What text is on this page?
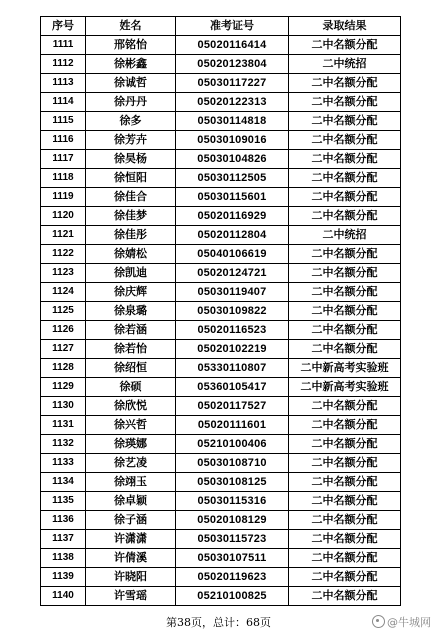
序号	姓名	准考证号	录取结果
1111	邢铭怡	05020116414	二中名额分配
1112	徐彬鑫	05020123804	二中统招
1113	徐诚哲	05030117227	二中名额分配
1114	徐丹丹	05020122313	二中名额分配
1115	徐多	05030114818	二中名额分配
1116	徐芳卉	05030109016	二中名额分配
1117	徐昊杨	05030104826	二中名额分配
1118	徐恒阳	05030112505	二中名额分配
1119	徐佳合	05030115601	二中名额分配
1120	徐佳梦	05020116929	二中名额分配
1121	徐佳彤	05020112804	二中统招
1122	徐婧松	05040106619	二中名额分配
1123	徐凯迪	05020124721	二中名额分配
1124	徐庆辉	05030119407	二中名额分配
1125	徐泉璐	05030109822	二中名额分配
1126	徐若涵	05020116523	二中名额分配
1127	徐若怡	05020102219	二中名额分配
1128	徐绍恒	05330110807	二中新高考实验班
1129	徐硕	05360105417	二中新高考实验班
1130	徐欣悦	05020117527	二中名额分配
1131	徐兴哲	05020111601	二中名额分配
1132	徐瑛娜	05210100406	二中名额分配
1133	徐艺凌	05030108710	二中名额分配
1134	徐翊玉	05030108125	二中名额分配
1135	徐卓颖	05030115316	二中名额分配
1136	徐子涵	05020108129	二中名额分配
1137	许潇潇	05030115723	二中名额分配
1138	许倩溪	05030107511	二中名额分配
1139	许晓阳	05020119623	二中名额分配
1140	许雪瑶	05210100825	二中名额分配
第38页，总计：68页	@牛城网
